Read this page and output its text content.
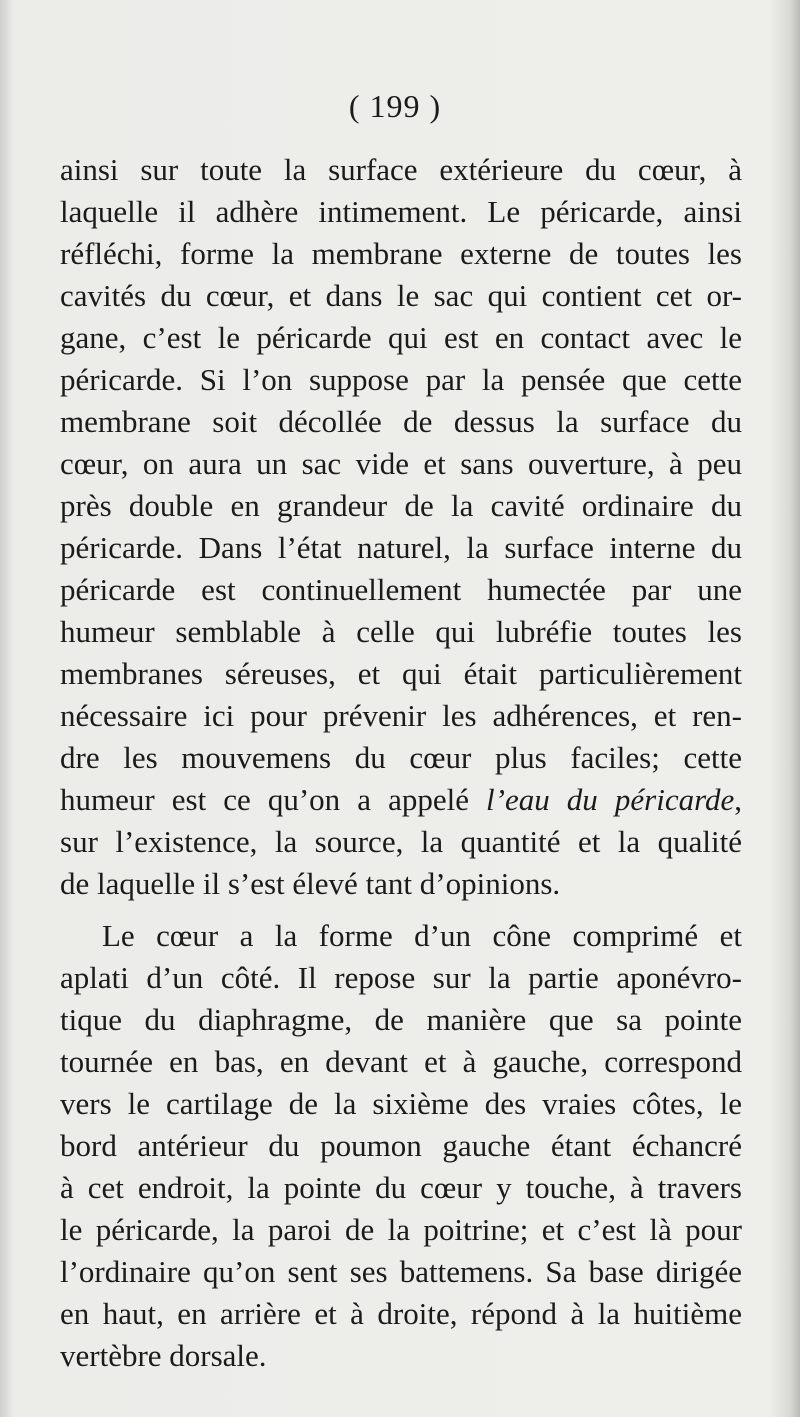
( 199 )
ainsi sur toute la surface extérieure du cœur, à
laquelle il adhère intimement. Le péricarde, ainsi
réfléchi, forme la membrane externe de toutes les
cavités du cœur, et dans le sac qui contient cet or-
gane, c’est le péricarde qui est en contact avec le
péricarde. Si l’on suppose par la pensée que cette
membrane soit décollée de dessus la surface du
cœur, on aura un sac vide et sans ouverture, à peu
près double en grandeur de la cavité ordinaire du
péricarde. Dans l’état naturel, la surface interne du
péricarde est continuellement humectée par une
humeur semblable à celle qui lubréfie toutes les
membranes séreuses, et qui était particulièrement
nécessaire ici pour prévenir les adhérences, et ren-
dre les mouvemens du cœur plus faciles; cette
humeur est ce qu’on a appelé l’eau du péricarde,
sur l’existence, la source, la quantité et la qualité
de laquelle il s’est élevé tant d’opinions.
Le cœur a la forme d’un cône comprimé et
aplati d’un côté. Il repose sur la partie aponévro-
tique du diaphragme, de manière que sa pointe
tournée en bas, en devant et à gauche, correspond
vers le cartilage de la sixième des vraies côtes, le
bord antérieur du poumon gauche étant échancré
à cet endroit, la pointe du cœur y touche, à travers
le péricarde, la paroi de la poitrine; et c’est là pour
l’ordinaire qu’on sent ses battemens. Sa base dirigée
en haut, en arrière et à droite, répond à la huitième
vertèbre dorsale.
